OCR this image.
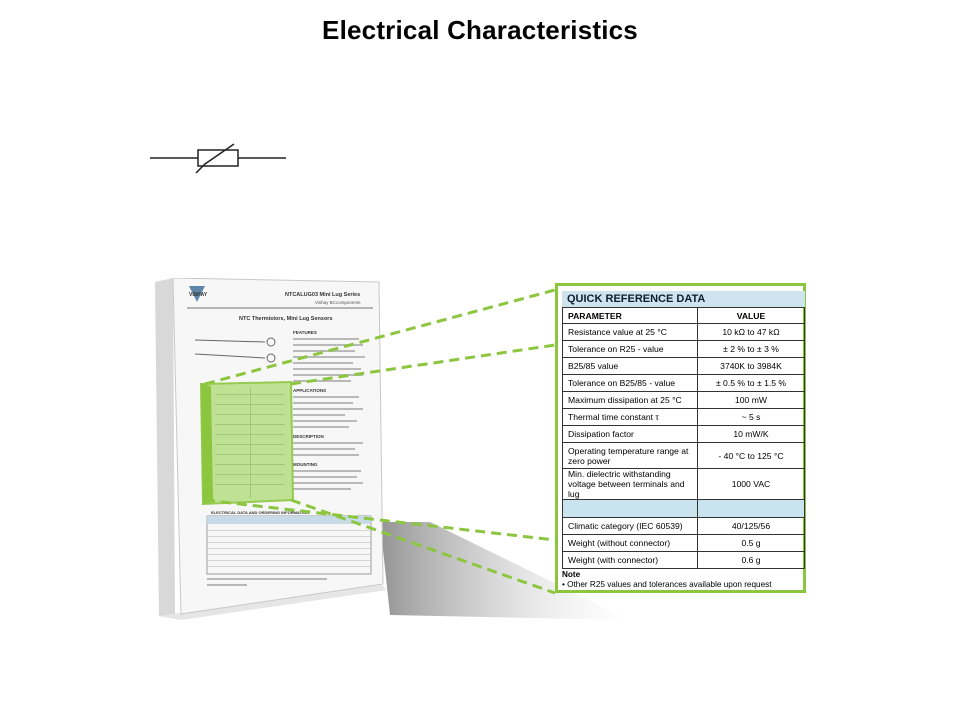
Electrical Characteristics
VISHAY	NTCALUG03 Mini Lug Series
Vishay BCcomponents
NTC Thermistors, Mini Lug Sensors
FEATURES
APPLICATIONS
DESCRIPTION
MOUNTING
ELECTRICAL DATA AND ORDERING INFORMATION
QUICK REFERENCE DATA
PARAMETER	VALUE
Resistance value at 25 °C	10 kΩ to 47 kΩ
Tolerance on R25 - value	± 2 % to ± 3 %
B25/85 value	3740K to 3984K
Tolerance on B25/85 - value	± 0.5 % to ± 1.5 %
Maximum dissipation at 25 °C	100 mW
Thermal time constant τ	~ 5 s
Dissipation factor	10 mW/K
Operating temperature range at zero power	- 40 °C to 125 °C
Min. dielectric withstanding voltage between terminals and lug	1000 VAC

Climatic category (IEC 60539)	40/125/56
Weight (without connector)	0.5 g
Weight (with connector)	0.6 g
Note
• Other R25 values and tolerances available upon request
